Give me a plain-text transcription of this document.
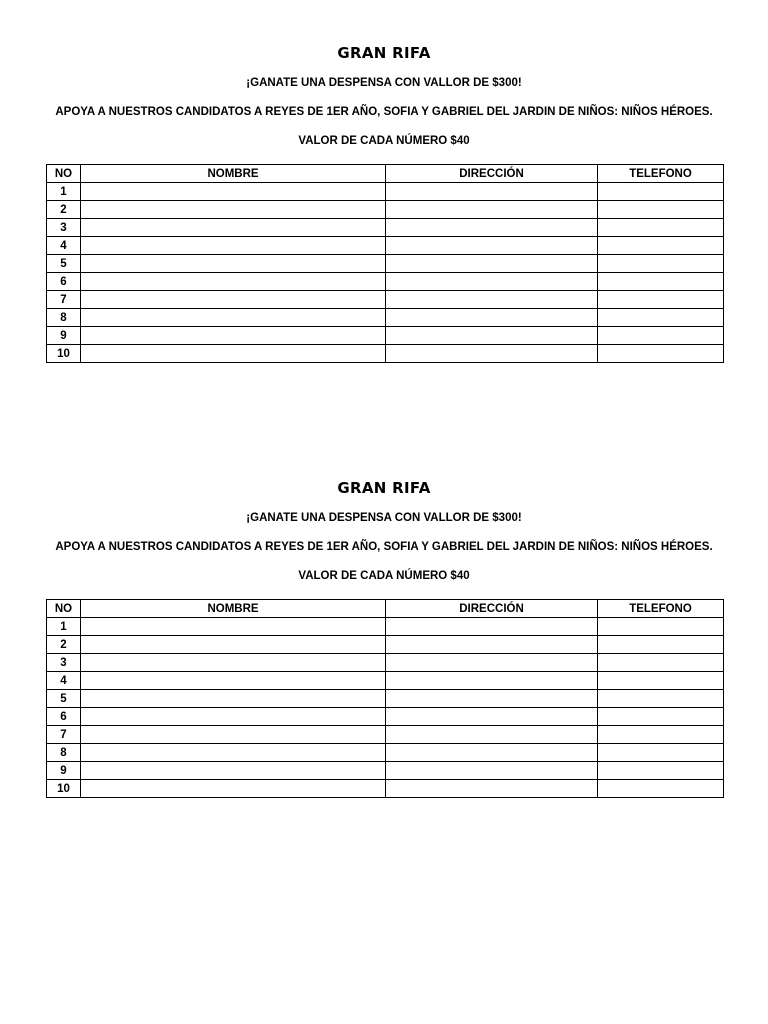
GRAN RIFA
¡GANATE UNA DESPENSA CON VALLOR DE $300!
APOYA A NUESTROS CANDIDATOS A REYES DE 1ER AÑO, SOFIA Y GABRIEL DEL JARDIN DE NIÑOS: NIÑOS HÉROES.
VALOR DE CADA NÚMERO $40
NO	NOMBRE	DIRECCIÓN	TELEFONO
1			
2			
3			
4			
5			
6			
7			
8			
9			
10			
GRAN RIFA
¡GANATE UNA DESPENSA CON VALLOR DE $300!
APOYA A NUESTROS CANDIDATOS A REYES DE 1ER AÑO, SOFIA Y GABRIEL DEL JARDIN DE NIÑOS: NIÑOS HÉROES.
VALOR DE CADA NÚMERO $40
NO	NOMBRE	DIRECCIÓN	TELEFONO
1			
2			
3			
4			
5			
6			
7			
8			
9			
10			
